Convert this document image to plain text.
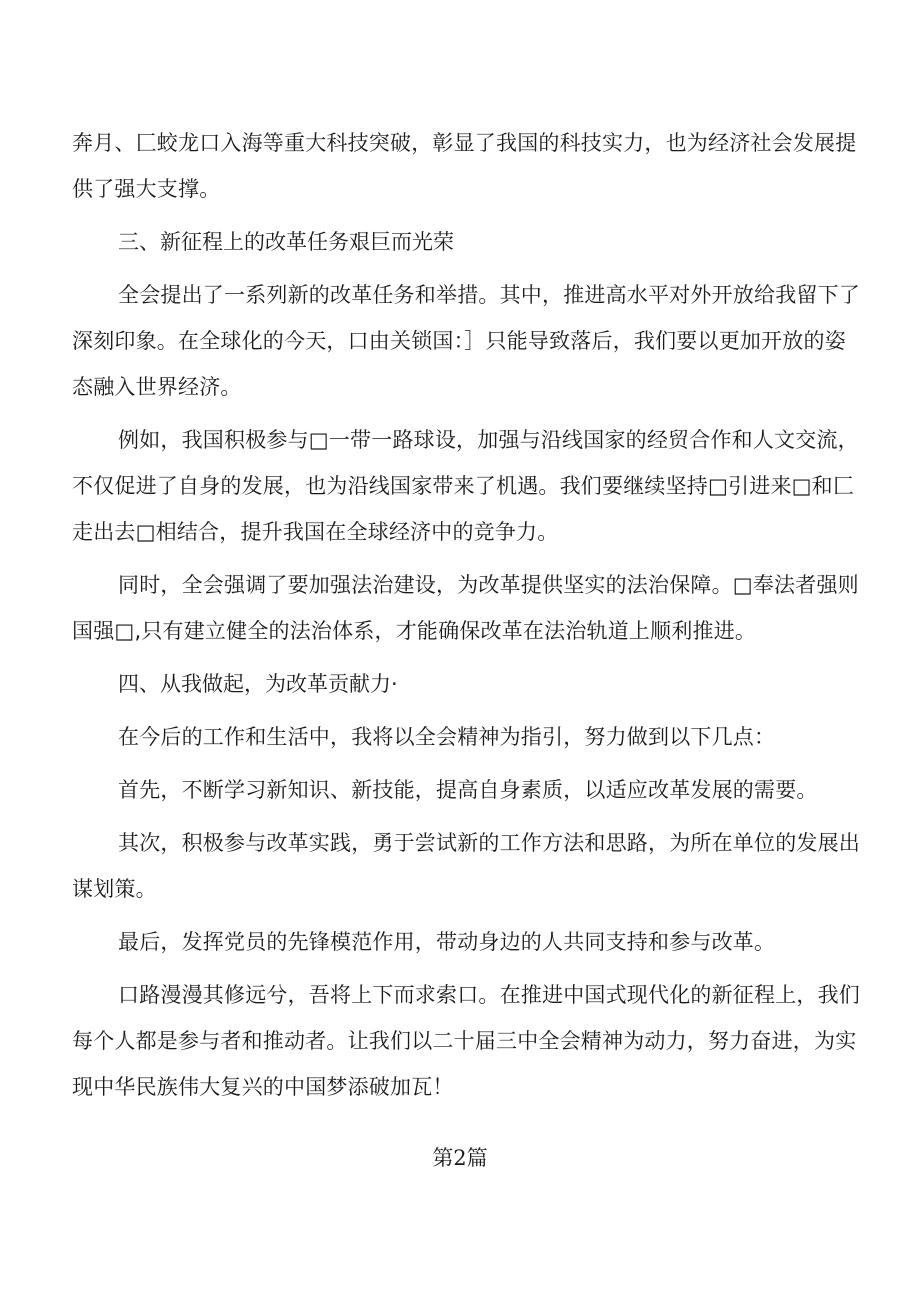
奔月、匚蛟龙口入海等重大科技突破，彰显了我国的科技实力，也为经济社会发展提供了强大支撑。

三、新征程上的改革任务艰巨而光荣

全会提出了一系列新的改革任务和举措。其中，推进高水平对外开放给我留下了深刻印象。在全球化的今天，口由关锁国：］只能导致落后，我们要以更加开放的姿态融入世界经济。

例如，我国积极参与□一带一路球设，加强与沿线国家的经贸合作和人文交流，不仅促进了自身的发展，也为沿线国家带来了机遇。我们要继续坚持□引进来□和匚走出去□相结合，提升我国在全球经济中的竞争力。

同时，全会强调了要加强法治建设，为改革提供坚实的法治保障。□奉法者强则国强□,只有建立健全的法治体系，才能确保改革在法治轨道上顺利推进。

四、从我做起，为改革贡献力·

在今后的工作和生活中，我将以全会精神为指引，努力做到以下几点：

首先，不断学习新知识、新技能，提高自身素质，以适应改革发展的需要。

其次，积极参与改革实践，勇于尝试新的工作方法和思路，为所在单位的发展出谋划策。

最后，发挥党员的先锋模范作用，带动身边的人共同支持和参与改革。

口路漫漫其修远兮，吾将上下而求索口。在推进中国式现代化的新征程上，我们每个人都是参与者和推动者。让我们以二十届三中全会精神为动力，努力奋进，为实现中华民族伟大复兴的中国梦添破加瓦！

第2篇
